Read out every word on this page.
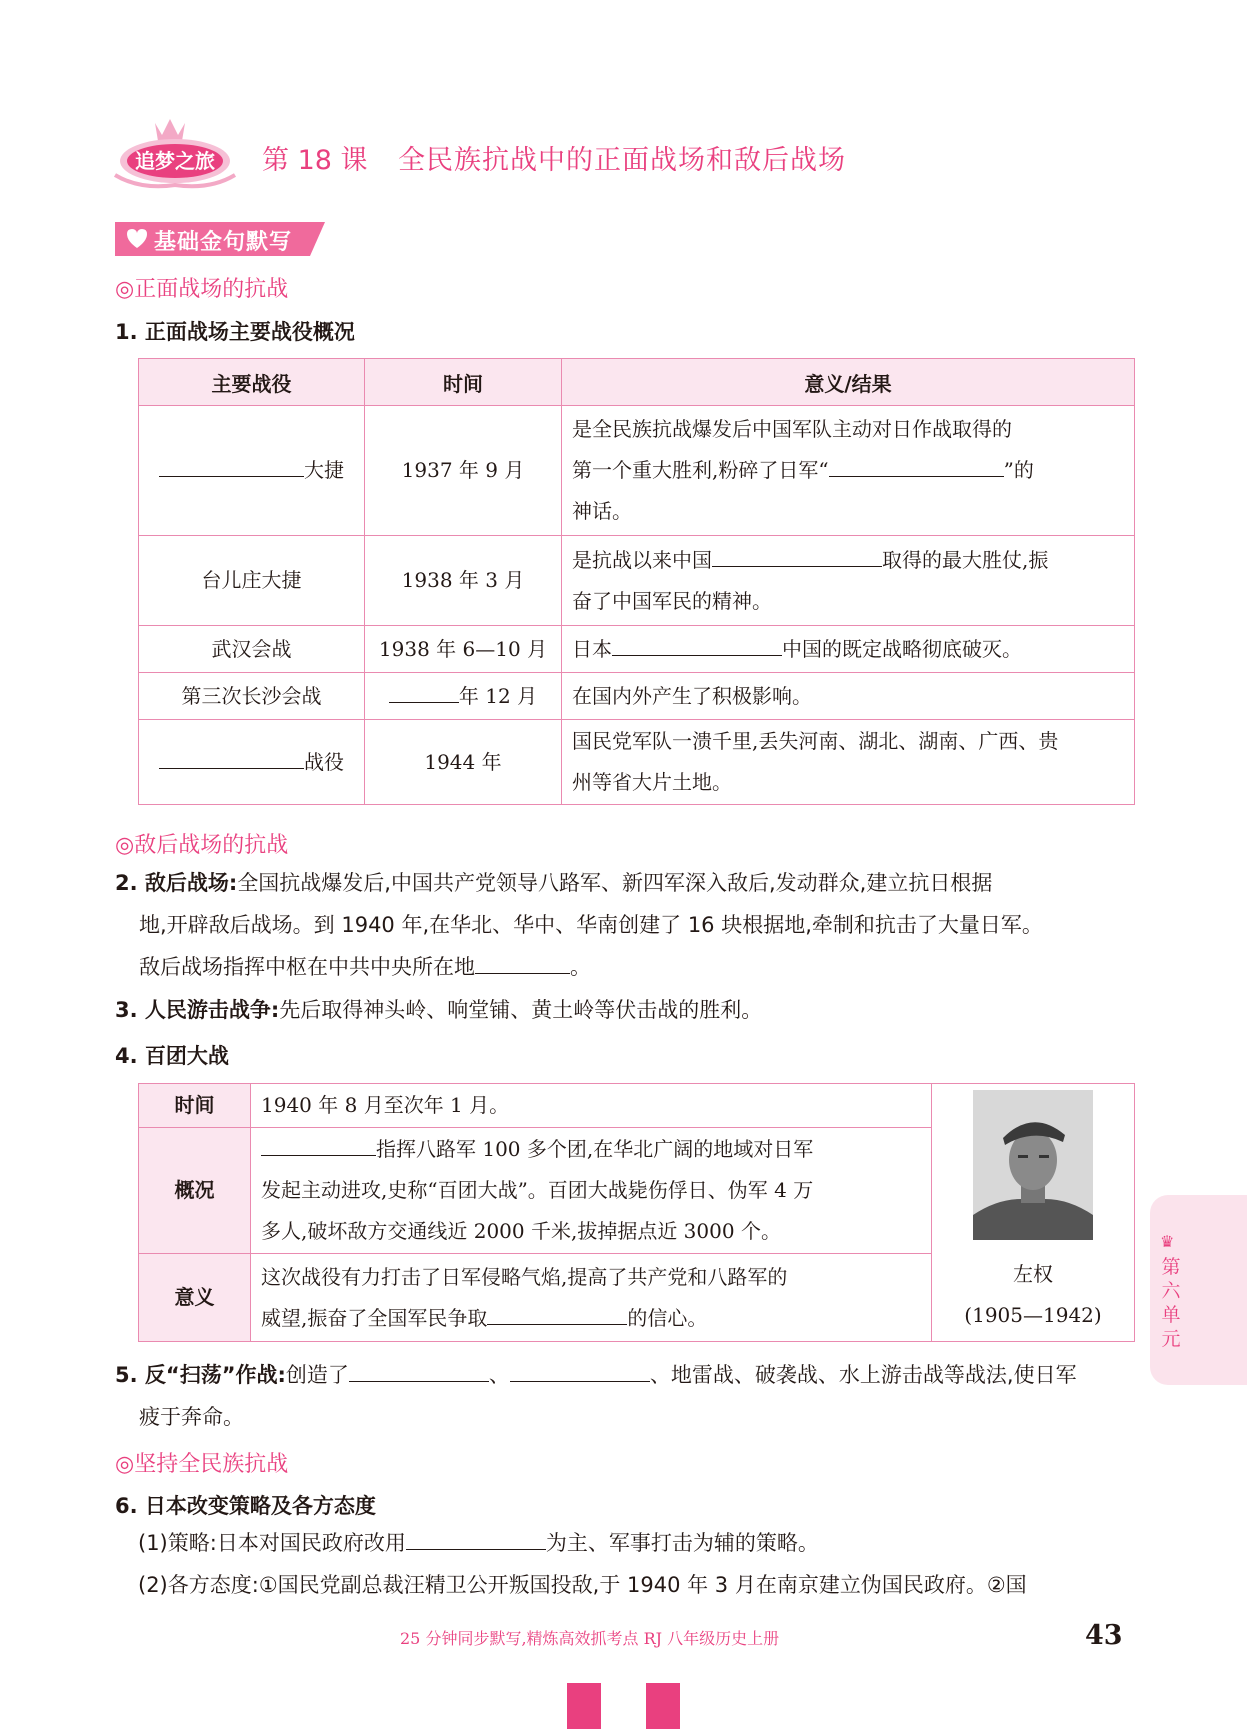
追梦之旅 第 18 课 全民族抗战中的正面战场和敌后战场
基础金句默写
◎正面战场的抗战
1. 正面战场主要战役概况
主要战役	时间	意义/结果
大捷	1937 年 9 月	是全民族抗战爆发后中国军队主动对日作战取得的
第一个重大胜利,粉碎了日军“ ”的
神话。

台儿庄大捷	1938 年 3 月	是抗战以来中国 取得的最大胜仗,振
奋了中国军民的精神。

武汉会战	1938 年 6—10 月	日本 中国的既定战略彻底破灭。
第三次长沙会战	年 12 月	在国内外产生了积极影响。
战役	1944 年	国民党军队一溃千里,丢失河南、湖北、湖南、广西、贵
州等省大片土地。
◎敌后战场的抗战
2. 敌后战场:全国抗战爆发后,中国共产党领导八路军、新四军深入敌后,发动群众,建立抗日根据
地,开辟敌后战场。到 1940 年,在华北、华中、华南创建了 16 块根据地,牵制和抗击了大量日军。
敌后战场指挥中枢在中共中央所在地	。
3. 人民游击战争:先后取得神头岭、响堂铺、黄土岭等伏击战的胜利。
4. 百团大战
时间	1940 年 8 月至次年 1 月。	左权
(1905—1942)

概况	指挥八路军 100 多个团,在华北广阔的地域对日军
发起主动进攻,史称“百团大战”。百团大战毙伤俘日、伪军 4 万
多人,破坏敌方交通线近 2000 千米,拔掉据点近 3000 个。	

意义	这次战役有力打击了日军侵略气焰,提高了共产党和八路军的
威望,振奋了全国军民争取 的信心。	
5. 反“扫荡”作战:创造了	、	、地雷战、破袭战、水上游击战等战法,使日军
疲于奔命。
◎坚持全民族抗战
6. 日本改变策略及各方态度
(1)策略:日本对国民政府改用	为主、军事打击为辅的策略。
(2)各方态度:①国民党副总裁汪精卫公开叛国投敌,于 1940 年 3 月在南京建立伪国民政府。②国
♛
第六单元
25 分钟同步默写,精炼高效抓考点 RJ 八年级历史上册	43
